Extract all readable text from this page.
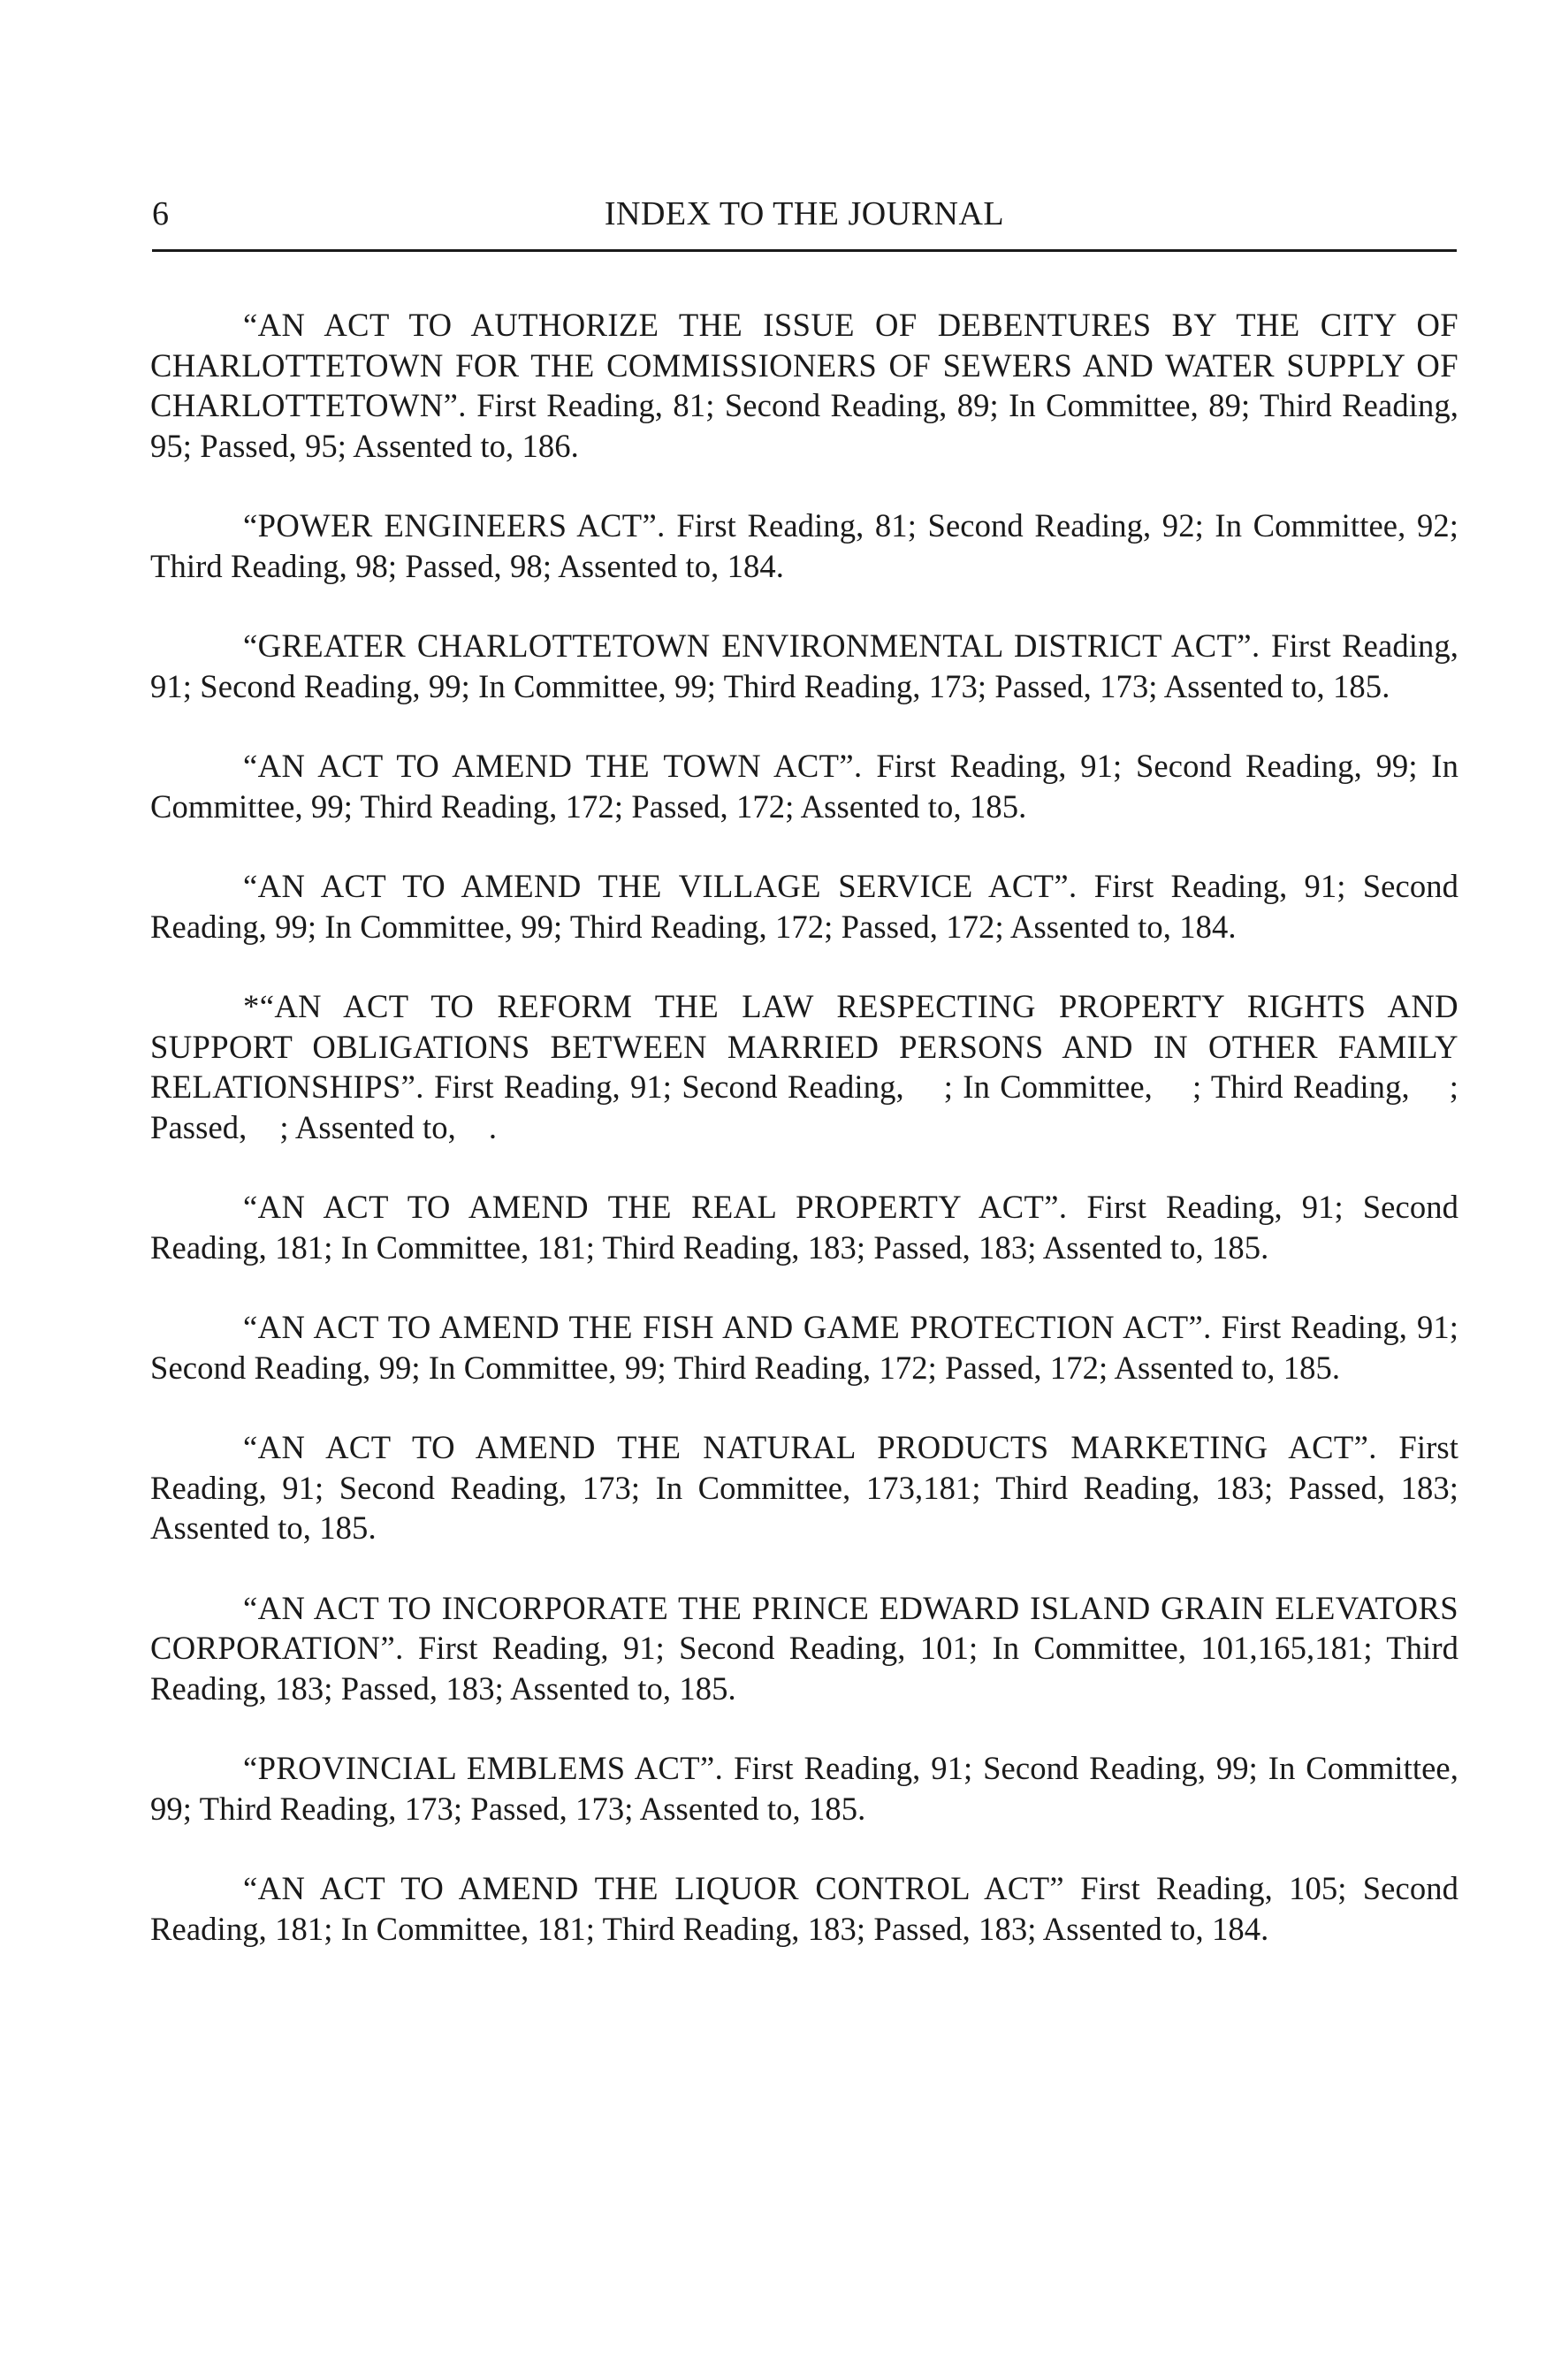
6	INDEX TO THE JOURNAL

“AN ACT TO AUTHORIZE THE ISSUE OF DEBENTURES BY THE CITY OF CHARLOTTETOWN FOR THE COMMISSIONERS OF SEWERS AND WATER SUPPLY OF CHARLOTTETOWN”. First Reading, 81; Second Reading, 89; In Committee, 89; Third Reading, 95; Passed, 95; Assented to, 186.

“POWER ENGINEERS ACT”. First Reading, 81; Second Reading, 92; In Committee, 92; Third Reading, 98; Passed, 98; Assented to, 184.

“GREATER CHARLOTTETOWN ENVIRONMENTAL DISTRICT ACT”. First Reading, 91; Second Reading, 99; In Committee, 99; Third Reading, 173; Passed, 173; Assented to, 185.

“AN ACT TO AMEND THE TOWN ACT”. First Reading, 91; Second Reading, 99; In Committee, 99; Third Reading, 172; Passed, 172; Assented to, 185.

“AN ACT TO AMEND THE VILLAGE SERVICE ACT”. First Reading, 91; Second Reading, 99; In Committee, 99; Third Reading, 172; Passed, 172; Assented to, 184.

*“AN ACT TO REFORM THE LAW RESPECTING PROPERTY RIGHTS AND SUPPORT OBLIGATIONS BETWEEN MARRIED PERSONS AND IN OTHER FAMILY RELATIONSHIPS”. First Reading, 91; Second Reading,    ; In Committee,    ; Third Reading,    ; Passed,    ; Assented to,    .

“AN ACT TO AMEND THE REAL PROPERTY ACT”. First Reading, 91; Second Reading, 181; In Committee, 181; Third Reading, 183; Passed, 183; Assented to, 185.

“AN ACT TO AMEND THE FISH AND GAME PROTECTION ACT”. First Reading, 91; Second Reading, 99; In Committee, 99; Third Reading, 172; Passed, 172; Assented to, 185.

“AN ACT TO AMEND THE NATURAL PRODUCTS MARKETING ACT”. First Reading, 91; Second Reading, 173; In Committee, 173,181; Third Reading, 183; Passed, 183; Assented to, 185.

“AN ACT TO INCORPORATE THE PRINCE EDWARD ISLAND GRAIN ELEVATORS CORPORATION”. First Reading, 91; Second Reading, 101; In Committee, 101,165,181; Third Reading, 183; Passed, 183; Assented to, 185.

“PROVINCIAL EMBLEMS ACT”. First Reading, 91; Second Reading, 99; In Committee, 99; Third Reading, 173; Passed, 173; Assented to, 185.

“AN ACT TO AMEND THE LIQUOR CONTROL ACT” First Reading, 105; Second Reading, 181; In Committee, 181; Third Reading, 183; Passed, 183; Assented to, 184.
